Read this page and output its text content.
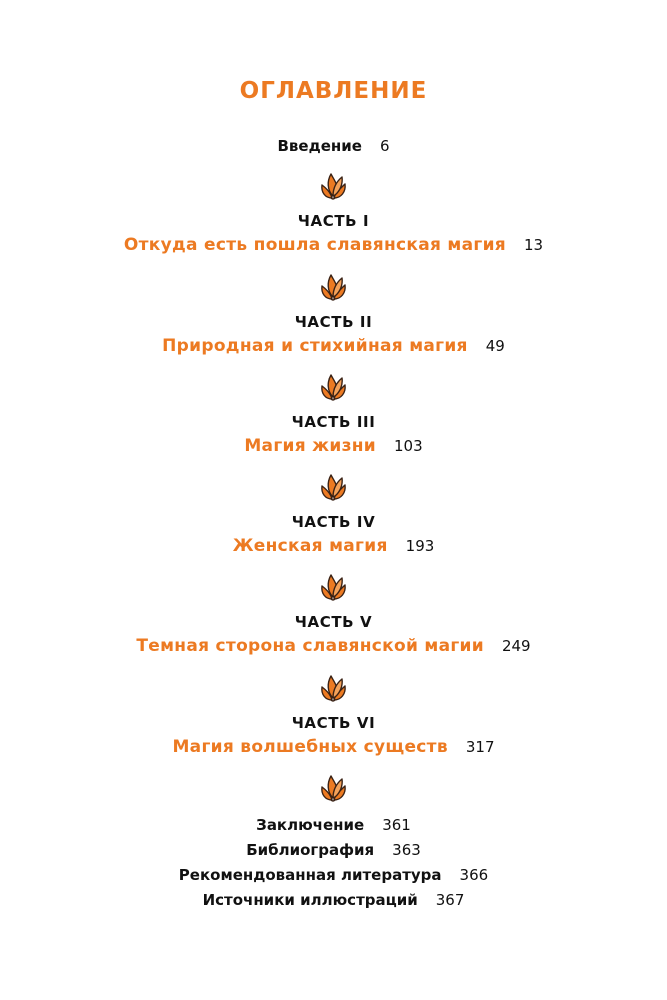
ОГЛАВЛЕНИЕ
Введение 6
ЧАСТЬ I
Откуда есть пошла славянская магия 13
ЧАСТЬ II
Природная и стихийная магия 49
ЧАСТЬ III
Магия жизни 103
ЧАСТЬ IV
Женская магия 193
ЧАСТЬ V
Темная сторона славянской магии 249
ЧАСТЬ VI
Магия волшебных существ 317
Заключение 361
Библиография 363
Рекомендованная литература 366
Источники иллюстраций 367
